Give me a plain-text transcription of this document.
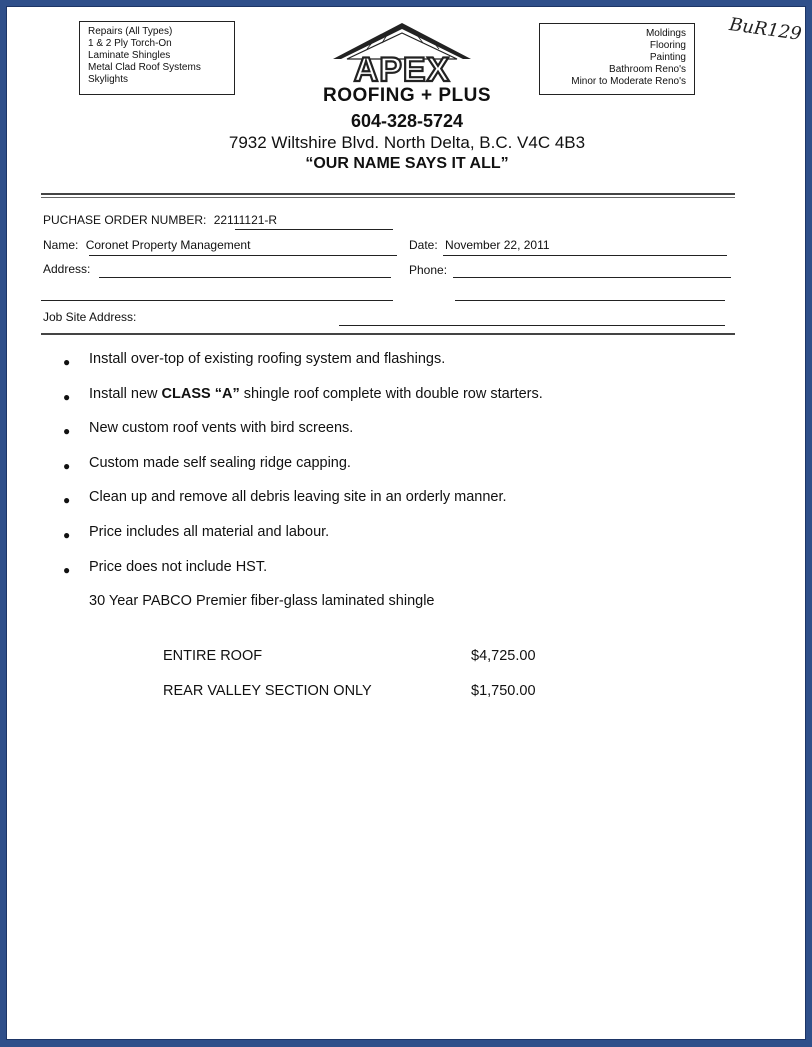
Repairs (All Types)
1 & 2 Ply Torch-On
Laminate Shingles
Metal Clad Roof Systems
Skylights	APEX
ROOFING + PLUS
604-328-5724
7932 Wiltshire Blvd. North Delta, B.C. V4C 4B3
“OUR NAME SAYS IT ALL”
Moldings
Flooring
Painting
Bathroom Reno's
Minor to Moderate Reno's
BuR129
PUCHASE ORDER NUMBER: 22111121-R
Name: Coronet Property Management	Date: November 22, 2011
Address:	Phone:
Job Site Address:
● Install over-top of existing roofing system and flashings.
● Install new CLASS “A” shingle roof complete with double row starters.
● New custom roof vents with bird screens.
● Custom made self sealing ridge capping.
● Clean up and remove all debris leaving site in an orderly manner.
● Price includes all material and labour.
● Price does not include HST.
30 Year PABCO Premier fiber-glass laminated shingle
ENTIRE ROOF	$4,725.00
REAR VALLEY SECTION ONLY	$1,750.00
